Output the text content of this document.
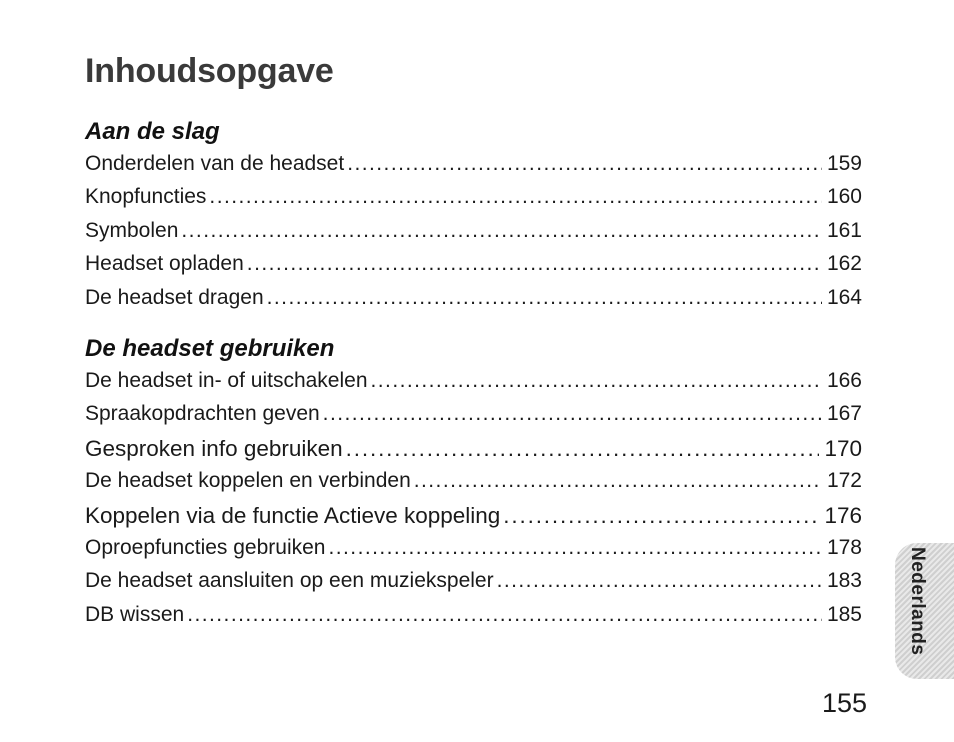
Inhoudsopgave
Aan de slag
Onderdelen van de headset . . .	159
Knopfuncties . . .	160
Symbolen . . .	161
Headset opladen . . .	162
De headset dragen . . .	164
De headset gebruiken
De headset in- of uitschakelen . . .	166
Spraakopdrachten geven . . .	167
Gesproken info gebruiken . . .	170
De headset koppelen en verbinden . . .	172
Koppelen via de functie Actieve koppeling . . .	176
Oproepfuncties gebruiken . . .	178
De headset aansluiten op een muziekspeler . . .	183
DB wissen . . .	185 Nederlands
155
